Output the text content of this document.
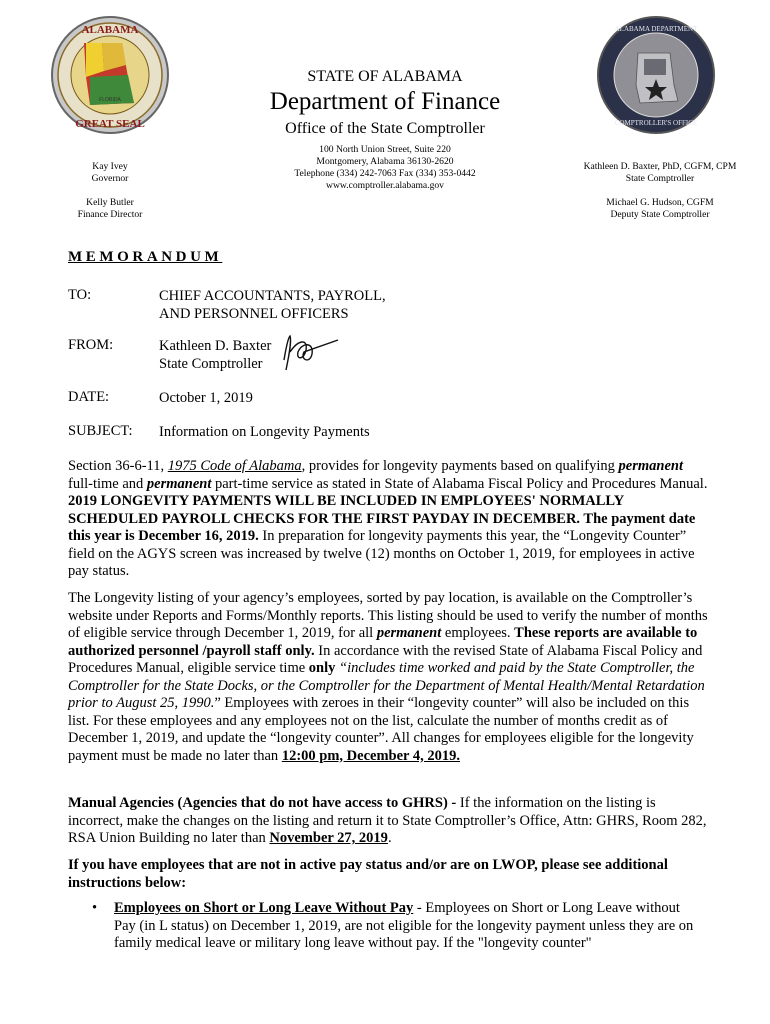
ALABAMA
GREAT SEAL
FLORIDA
ALABAMA DEPARTMENT
COMPTROLLER'S OFFICE
STATE OF ALABAMA
Department of Finance
Office of the State Comptroller
100 North Union Street, Suite 220
Montgomery, Alabama 36130-2620
Telephone (334) 242-7063 Fax (334) 353-0442
www.comptroller.alabama.gov
Kay Ivey
Governor
Kelly Butler
Finance Director
Kathleen D. Baxter, PhD, CGFM, CPM
State Comptroller
Michael G. Hudson, CGFM
Deputy State Comptroller
MEMORANDUM
TO:	CHIEF ACCOUNTANTS, PAYROLL,
AND PERSONNEL OFFICERS
FROM:	Kathleen D. Baxter
State Comptroller
DATE:	October 1, 2019
SUBJECT: Information on Longevity Payments

Section 36-6-11, 1975 Code of Alabama, provides for longevity payments based on qualifying permanent full-time and permanent part-time service as stated in State of Alabama Fiscal Policy and Procedures Manual. 2019 LONGEVITY PAYMENTS WILL BE INCLUDED IN EMPLOYEES' NORMALLY SCHEDULED PAYROLL CHECKS FOR THE FIRST PAYDAY IN DECEMBER. The payment date this year is December 16, 2019. In preparation for longevity payments this year, the “Longevity Counter” field on the AGYS screen was increased by twelve (12) months on October 1, 2019, for employees in active pay status.

The Longevity listing of your agency’s employees, sorted by pay location, is available on the Comptroller’s website under Reports and Forms/Monthly reports. This listing should be used to verify the number of months of eligible service through December 1, 2019, for all permanent employees. These reports are available to authorized personnel /payroll staff only. In accordance with the revised State of Alabama Fiscal Policy and Procedures Manual, eligible service time only “includes time worked and paid by the State Comptroller, the Comptroller for the State Docks, or the Comptroller for the Department of Mental Health/Mental Retardation prior to August 25, 1990.” Employees with zeroes in their “longevity counter” will also be included on this list. For these employees and any employees not on the list, calculate the number of months credit as of December 1, 2019, and update the “longevity counter”. All changes for employees eligible for the longevity payment must be made no later than 12:00 pm, December 4, 2019.

Manual Agencies (Agencies that do not have access to GHRS) - If the information on the listing is incorrect, make the changes on the listing and return it to State Comptroller’s Office, Attn: GHRS, Room 282, RSA Union Building no later than November 27, 2019.

If you have employees that are not in active pay status and/or are on LWOP, please see additional instructions below:

• Employees on Short or Long Leave Without Pay - Employees on Short or Long Leave without Pay (in L status) on December 1, 2019, are not eligible for the longevity payment unless they are on family medical leave or military long leave without pay. If the "longevity counter"
